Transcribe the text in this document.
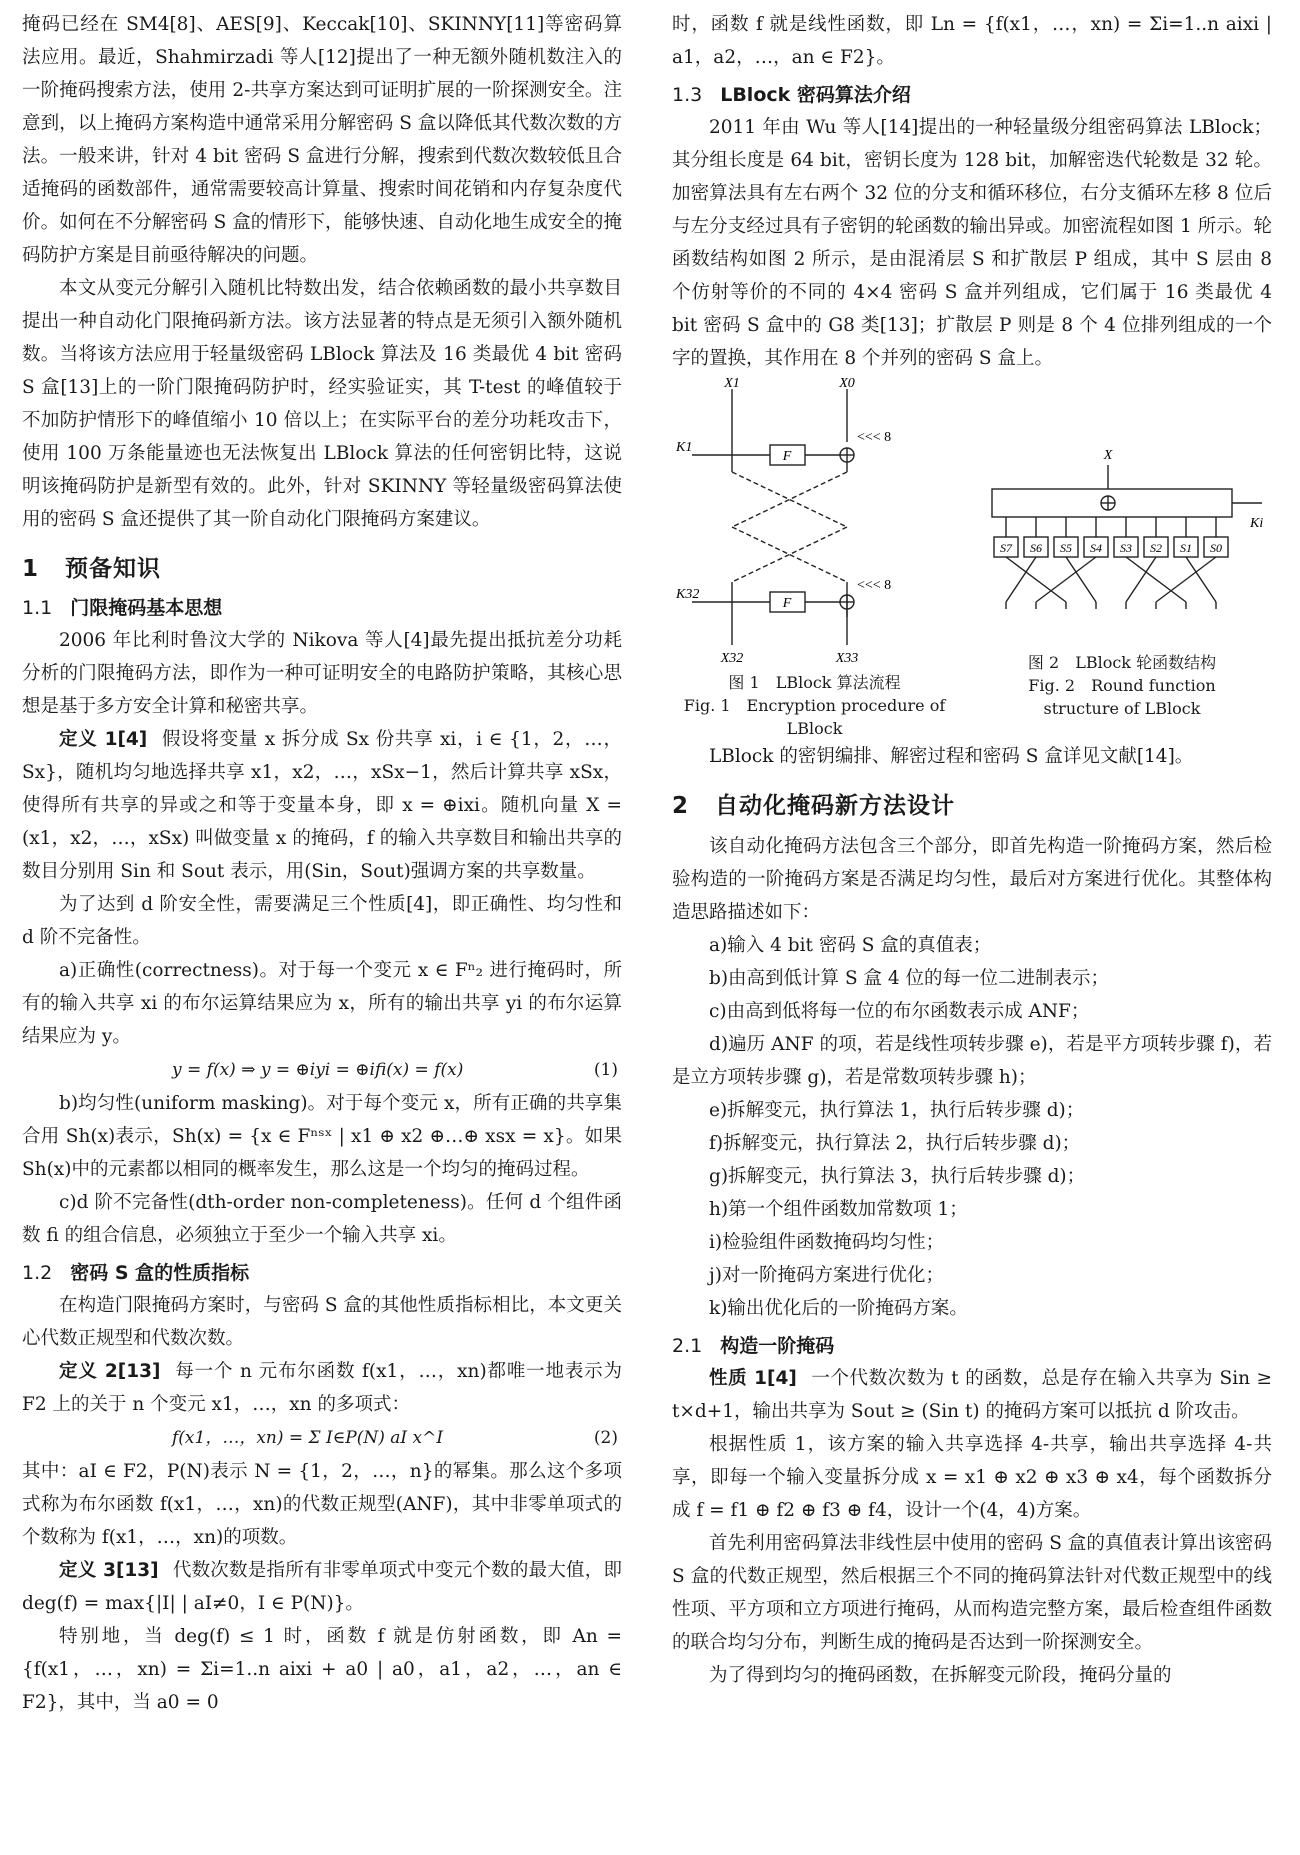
掩码已经在 SM4[8]、AES[9]、Keccak[10]、SKINNY[11]等密码算法应用。最近，Shahmirzadi 等人[12]提出了一种无额外随机数注入的一阶掩码搜索方法，使用 2-共享方案达到可证明扩展的一阶探测安全。注意到，以上掩码方案构造中通常采用分解密码 S 盒以降低其代数次数的方法。一般来讲，针对 4 bit 密码 S 盒进行分解，搜索到代数次数较低且合适掩码的函数部件，通常需要较高计算量、搜索时间花销和内存复杂度代价。如何在不分解密码 S 盒的情形下，能够快速、自动化地生成安全的掩码防护方案是目前亟待解决的问题。

本文从变元分解引入随机比特数出发，结合依赖函数的最小共享数目提出一种自动化门限掩码新方法。该方法显著的特点是无须引入额外随机数。当将该方法应用于轻量级密码 LBlock 算法及 16 类最优 4 bit 密码 S 盒[13]上的一阶门限掩码防护时，经实验证实，其 T-test 的峰值较于不加防护情形下的峰值缩小 10 倍以上；在实际平台的差分功耗攻击下，使用 100 万条能量迹也无法恢复出 LBlock 算法的任何密钥比特，这说明该掩码防护是新型有效的。此外，针对 SKINNY 等轻量级密码算法使用的密码 S 盒还提供了其一阶自动化门限掩码方案建议。

1 预备知识
1.1 门限掩码基本思想

2006 年比利时鲁汶大学的 Nikova 等人[4]最先提出抵抗差分功耗分析的门限掩码方法，即作为一种可证明安全的电路防护策略，其核心思想是基于多方安全计算和秘密共享。

定义 1[4] 假设将变量 x 拆分成 Sx 份共享 xi，i ∈ {1，2，…，Sx}，随机均匀地选择共享 x1，x2，…，xSx−1，然后计算共享 xSx，使得所有共享的异或之和等于变量本身，即 x = ⊕ixi。随机向量 X = (x1，x2，…，xSx) 叫做变量 x 的掩码，f 的输入共享数目和输出共享的数目分别用 Sin 和 Sout 表示，用(Sin，Sout)强调方案的共享数量。

为了达到 d 阶安全性，需要满足三个性质[4]，即正确性、均匀性和 d 阶不完备性。

a)正确性(correctness)。对于每一个变元 x ∈ Fⁿ₂ 进行掩码时，所有的输入共享 xi 的布尔运算结果应为 x，所有的输出共享 yi 的布尔运算结果应为 y。

y = f(x) ⇒ y = ⊕iyi = ⊕ifi(x) = f(x)	(1)

b)均匀性(uniform masking)。对于每个变元 x，所有正确的共享集合用 Sh(x)表示，Sh(x) = {x ∈ Fⁿˢˣ | x1 ⊕ x2 ⊕…⊕ xsx = x}。如果 Sh(x)中的元素都以相同的概率发生，那么这是一个均匀的掩码过程。

c)d 阶不完备性(dth-order non-completeness)。任何 d 个组件函数 fi 的组合信息，必须独立于至少一个输入共享 xi。

1.2 密码 S 盒的性质指标

在构造门限掩码方案时，与密码 S 盒的其他性质指标相比，本文更关心代数正规型和代数次数。

定义 2[13] 每一个 n 元布尔函数 f(x1，…，xn)都唯一地表示为 F2 上的关于 n 个变元 x1，…，xn 的多项式：

f(x1，…，xn) = Σ I∈P(N) aI x^I	(2)

其中：aI ∈ F2，P(N)表示 N = {1，2，…，n}的幂集。那么这个多项式称为布尔函数 f(x1，…，xn)的代数正规型(ANF)，其中非零单项式的个数称为 f(x1，…，xn)的项数。

定义 3[13] 代数次数是指所有非零单项式中变元个数的最大值，即 deg(f) = max{|I| | aI≠0，I ∈ P(N)}。

特别地，当 deg(f) ≤ 1 时，函数 f 就是仿射函数，即 An = {f(x1，…，xn) = Σi=1..n aixi + a0 | a0，a1，a2，…，an ∈ F2}，其中，当 a0 = 0

时，函数 f 就是线性函数，即 Ln = {f(x1，…，xn) = Σi=1..n aixi | a1，a2，…，an ∈ F2}。

1.3 LBlock 密码算法介绍

2011 年由 Wu 等人[14]提出的一种轻量级分组密码算法 LBlock；其分组长度是 64 bit，密钥长度为 128 bit，加解密迭代轮数是 32 轮。加密算法具有左右两个 32 位的分支和循环移位，右分支循环左移 8 位后与左分支经过具有子密钥的轮函数的输出异或。加密流程如图 1 所示。轮函数结构如图 2 所示，是由混淆层 S 和扩散层 P 组成，其中 S 层由 8 个仿射等价的不同的 4×4 密码 S 盒并列组成，它们属于 16 类最优 4 bit 密码 S 盒中的 G8 类[13]；扩散层 P 则是 8 个 4 位排列组成的一个字的置换，其作用在 8 个并列的密码 S 盒上。

X1	X0
K1
<<< 8
F
K32
<<< 8
F
X32	X33
图 1　LBlock 算法流程
Fig. 1　Encryption procedure of LBlock
X
Ki
S7 S6 S5 S4 S3 S2 S1 S0
图 2　LBlock 轮函数结构
Fig. 2　Round function
structure of LBlock

LBlock 的密钥编排、解密过程和密码 S 盒详见文献[14]。

2 自动化掩码新方法设计

该自动化掩码方法包含三个部分，即首先构造一阶掩码方案，然后检验构造的一阶掩码方案是否满足均匀性，最后对方案进行优化。其整体构造思路描述如下：

a)输入 4 bit 密码 S 盒的真值表；

b)由高到低计算 S 盒 4 位的每一位二进制表示；

c)由高到低将每一位的布尔函数表示成 ANF；

d)遍历 ANF 的项，若是线性项转步骤 e)，若是平方项转步骤 f)，若是立方项转步骤 g)，若是常数项转步骤 h)；

e)拆解变元，执行算法 1，执行后转步骤 d)；

f)拆解变元，执行算法 2，执行后转步骤 d)；

g)拆解变元，执行算法 3，执行后转步骤 d)；

h)第一个组件函数加常数项 1；

i)检验组件函数掩码均匀性；

j)对一阶掩码方案进行优化；

k)输出优化后的一阶掩码方案。

2.1 构造一阶掩码

性质 1[4] 一个代数次数为 t 的函数，总是存在输入共享为 Sin ≥ t×d+1，输出共享为 Sout ≥ (Sin t) 的掩码方案可以抵抗 d 阶攻击。

根据性质 1，该方案的输入共享选择 4-共享，输出共享选择 4-共享，即每一个输入变量拆分成 x = x1 ⊕ x2 ⊕ x3 ⊕ x4，每个函数拆分成 f = f1 ⊕ f2 ⊕ f3 ⊕ f4，设计一个(4，4)方案。

首先利用密码算法非线性层中使用的密码 S 盒的真值表计算出该密码 S 盒的代数正规型，然后根据三个不同的掩码算法针对代数正规型中的线性项、平方项和立方项进行掩码，从而构造完整方案，最后检查组件函数的联合均匀分布，判断生成的掩码是否达到一阶探测安全。

为了得到均匀的掩码函数，在拆解变元阶段，掩码分量的
